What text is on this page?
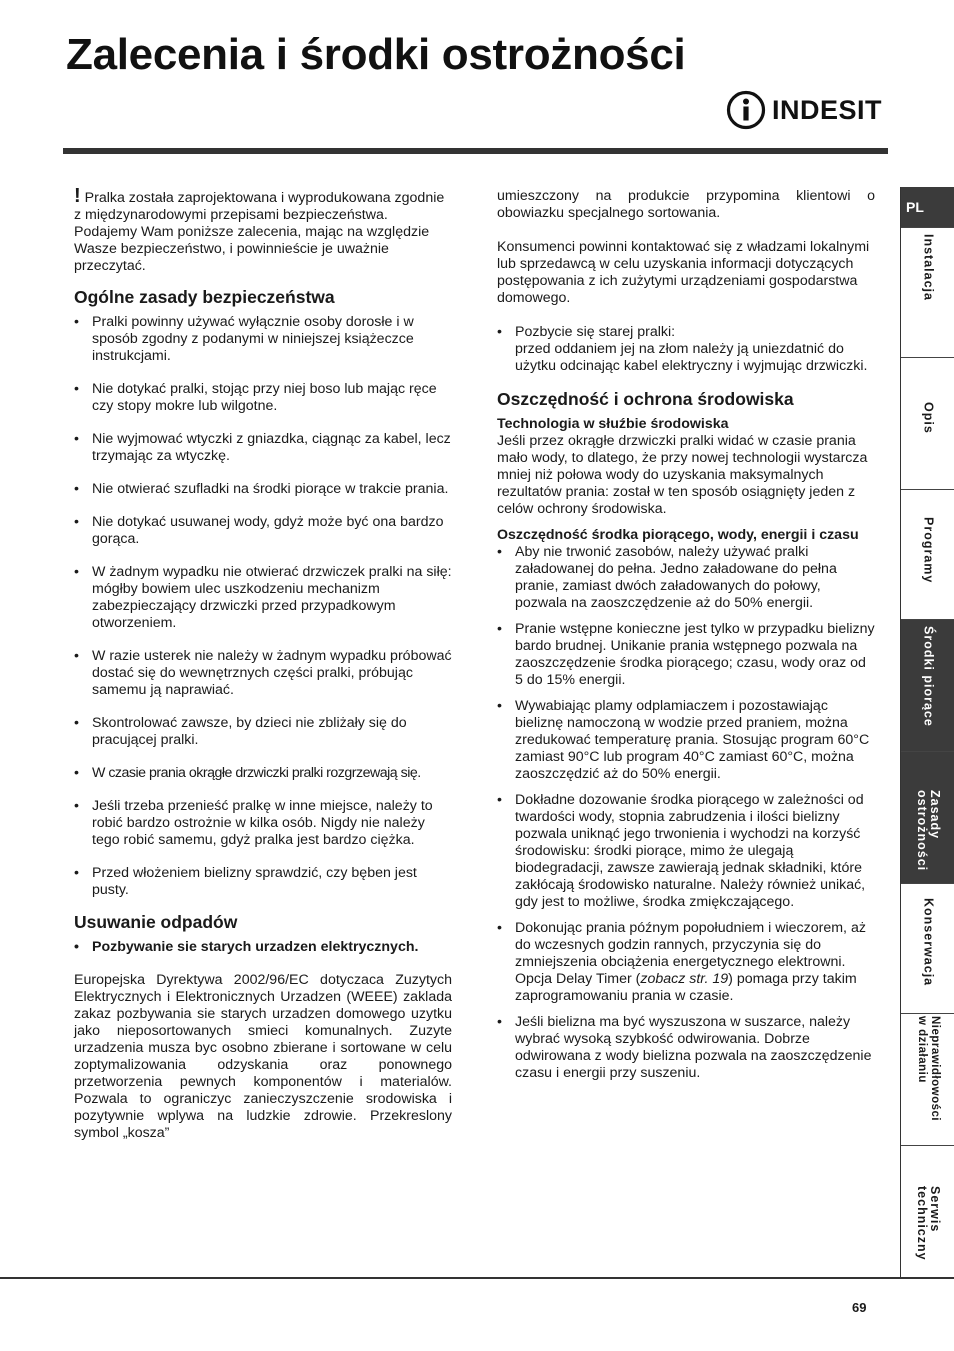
Zalecenia i środki ostrożności
INDESIT

! Pralka została zaprojektowana i wyprodukowana zgodnie z międzynarodowymi przepisami bezpieczeństwa. Podajemy Wam poniższe zalecenia, mając na względzie Wasze bezpieczeństwo, i powinnieście je uważnie przeczytać.

Ogólne zasady bezpieczeństwa

• Pralki powinny używać wyłącznie osoby dorosłe i w sposób zgodny z podanymi w niniejszej książeczce instrukcjami.
• Nie dotykać pralki, stojąc przy niej boso lub mając ręce czy stopy mokre lub wilgotne.
• Nie wyjmować wtyczki z gniazdka, ciągnąc za kabel, lecz trzymając za wtyczkę.
• Nie otwierać szufladki na środki piorące w trakcie prania.
• Nie dotykać usuwanej wody, gdyż może być ona bardzo gorąca.
• W żadnym wypadku nie otwierać drzwiczek pralki na siłę: mógłby bowiem ulec uszkodzeniu mechanizm zabezpieczający drzwiczki przed przypadkowym otworzeniem.
• W razie usterek nie należy w żadnym wypadku próbować dostać się do wewnętrznych części pralki, próbując samemu ją naprawiać.
• Skontrolować zawsze, by dzieci nie zbliżały się do pracującej pralki.
• W czasie prania okrągłe drzwiczki pralki rozgrzewają się.
• Jeśli trzeba przenieść pralkę w inne miejsce, należy to robić bardzo ostrożnie w kilka osób. Nigdy nie należy tego robić samemu, gdyż pralka jest bardzo ciężka.
• Przed włożeniem bielizny sprawdzić, czy bęben jest pusty.

Usuwanie odpadów

• Pozbywanie sie starych urzadzen elektrycznych.

Europejska Dyrektywa 2002/96/EC dotyczaca Zuzytych Elektrycznych i Elektronicznych Urzadzen (WEEE) zaklada zakaz pozbywania sie starych urzadzen domowego uzytku jako nieposortowanych smieci komunalnych. Zuzyte urzadzenia musza byc osobno zbierane i sortowane w celu zoptymalizowania odzyskania oraz ponownego przetworzenia pewnych komponentów i materialów. Pozwala to ograniczyc zanieczyszczenie srodowiska i pozytywnie wplywa na ludzkie zdrowie. Przekreslony symbol „kosza”

umieszczony na produkcie przypomina klientowi o obowiazku specjalnego sortowania.

Konsumenci powinni kontaktować się z władzami lokalnymi lub sprzedawcą w celu uzyskania informacji dotyczących postępowania z ich zużytymi urządzeniami gospodarstwa domowego.

• Pozbycie się starej pralki:
przed oddaniem jej na złom należy ją uniezdatnić do użytku odcinając kabel elektryczny i wyjmując drzwiczki.

Oszczędność i ochrona środowiska

Technologia w słuźbie środowiska

Jeśli przez okrągłe drzwiczki pralki widać w czasie prania mało wody, to dlatego, że przy nowej technologii wystarcza mniej niż połowa wody do uzyskania maksymalnych rezultatów prania: został w ten sposób osiągnięty jeden z celów ochrony środowiska.

Oszczędność środka piorącego, wody, energii i czasu

• Aby nie trwonić zasobów, należy używać pralki załadowanej do pełna. Jedno załadowane do pełna pranie, zamiast dwóch załadowanych do połowy, pozwala na zaoszczędzenie aż do 50% energii.
• Pranie wstępne konieczne jest tylko w przypadku bielizny bardo brudnej. Unikanie prania wstępnego pozwala na zaoszczędzenie środka piorącego; czasu, wody oraz od 5 do 15% energii.
• Wywabiając plamy odplamiaczem i pozostawiając bieliznę namoczoną w wodzie przed praniem, można zredukować temperaturę prania. Stosując program 60°C zamiast 90°C lub program 40°C zamiast 60°C, można zaoszczędzić aż do 50% energii.
• Dokładne dozowanie środka piorącego w zależności od twardości wody, stopnia zabrudzenia i ilości bielizny pozwala uniknąć jego trwonienia i wychodzi na korzyść środowisku: środki piorące, mimo że ulegają biodegradacji, zawsze zawierają jednak składniki, które zakłócają środowisko naturalne. Należy również unikać, gdy jest to możliwe, środka zmiękczającego.
• Dokonując prania późnym popołudniem i wieczorem, aż do wczesnych godzin rannych, przyczynia się do zmniejszenia obciążenia energetycznego elektrowni.
Opcja Delay Timer (zobacz str. 19) pomaga przy takim zaprogramowaniu prania w czasie.
• Jeśli bielizna ma być wyszuszona w suszarce, należy wybrać wysoką szybkość odwirowania. Dobrze odwirowana z wody bielizna pozwala na zaoszczędzenie czasu i energii przy suszeniu.
PL
Instalacja
Opis
Programy
Środki piorące
Zasady
ostrożności
Konserwacja
Nieprawidłowości
w działaniu
Serwis
techniczny
69
